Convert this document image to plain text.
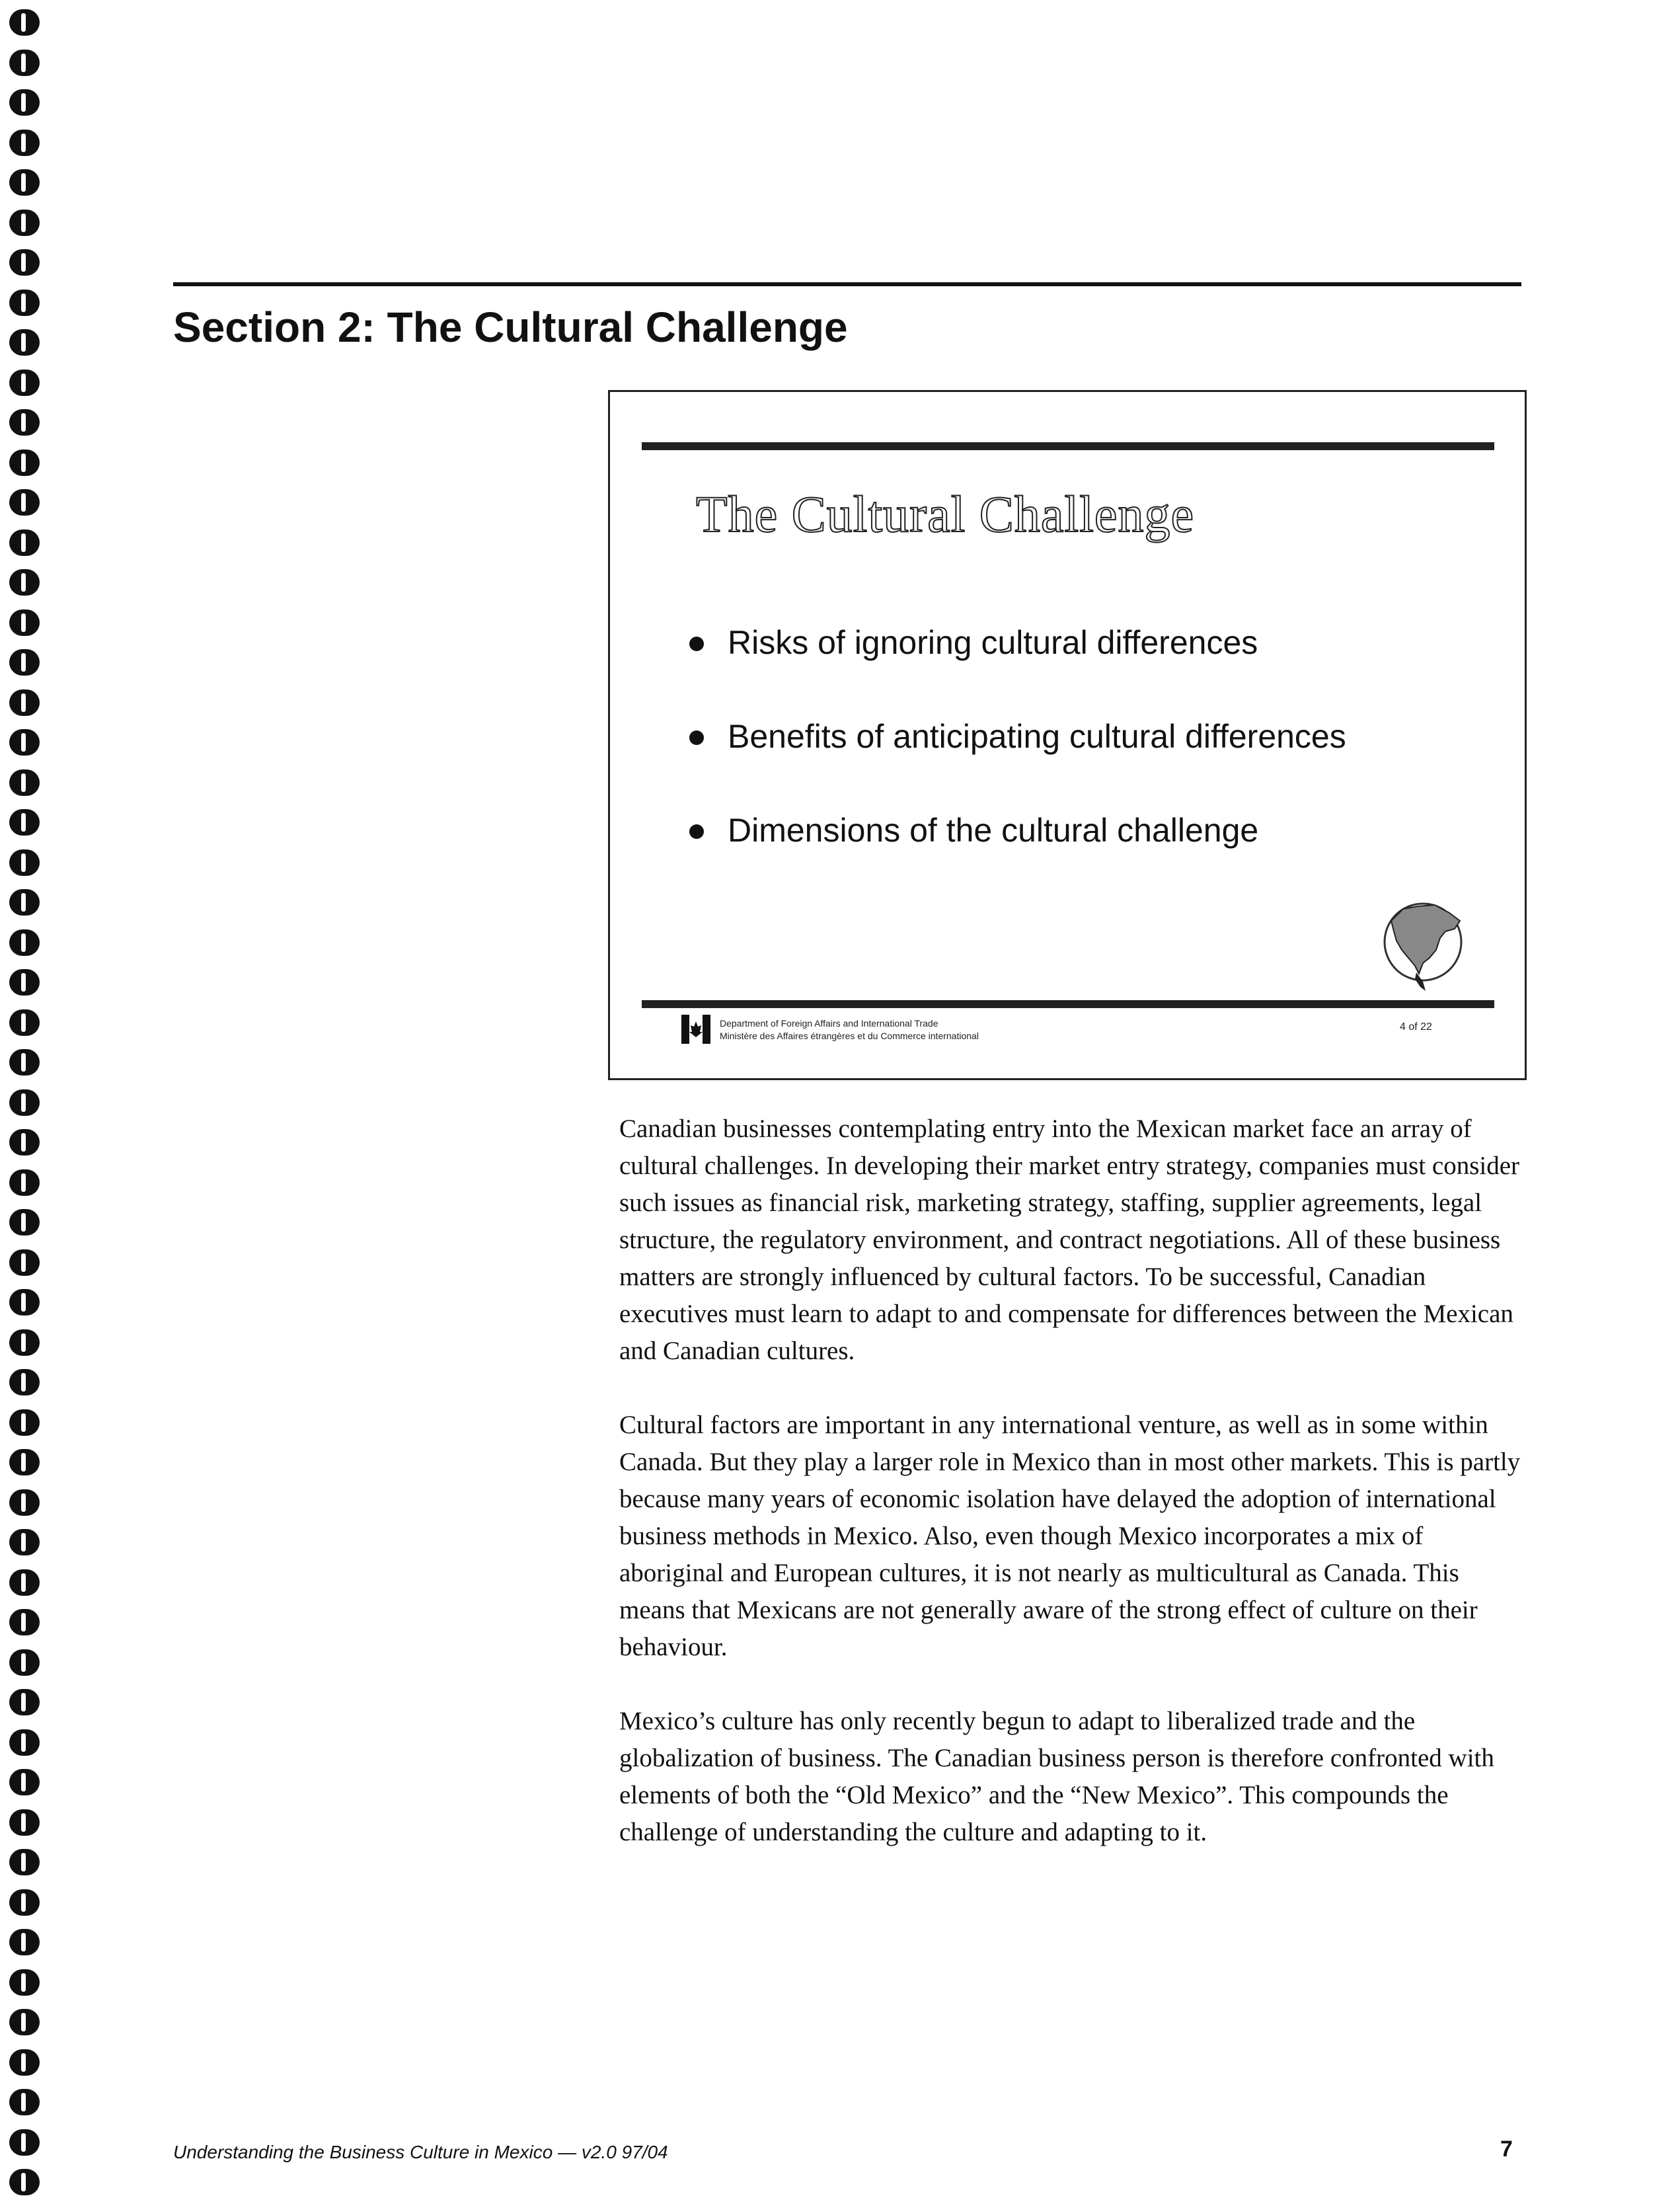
Section 2: The Cultural Challenge
The Cultural Challenge
Risks of ignoring cultural differences
Benefits of anticipating cultural differences
Dimensions of the cultural challenge
Department of Foreign Affairs and International Trade
Ministère des Affaires étrangères et du Commerce international
4 of 22

Canadian businesses contemplating entry into the Mexican market face an array of cultural challenges. In developing their market entry strategy, companies must consider such issues as financial risk, marketing strategy, staffing, supplier agreements, legal structure, the regulatory environment, and contract negotiations. All of these business matters are strongly influenced by cultural factors. To be successful, Canadian executives must learn to adapt to and compensate for differences between the Mexican and Canadian cultures.

Cultural factors are important in any international venture, as well as in some within Canada. But they play a larger role in Mexico than in most other markets. This is partly because many years of economic isolation have delayed the adoption of international business methods in Mexico. Also, even though Mexico incorporates a mix of aboriginal and European cultures, it is not nearly as multicultural as Canada. This means that Mexicans are not generally aware of the strong effect of culture on their behaviour.

Mexico’s culture has only recently begun to adapt to liberalized trade and the globalization of business. The Canadian business person is therefore confronted with elements of both the “Old Mexico” and the “New Mexico”. This compounds the challenge of understanding the culture and adapting to it.

Understanding the Business Culture in Mexico — v2.0 97/04	7
